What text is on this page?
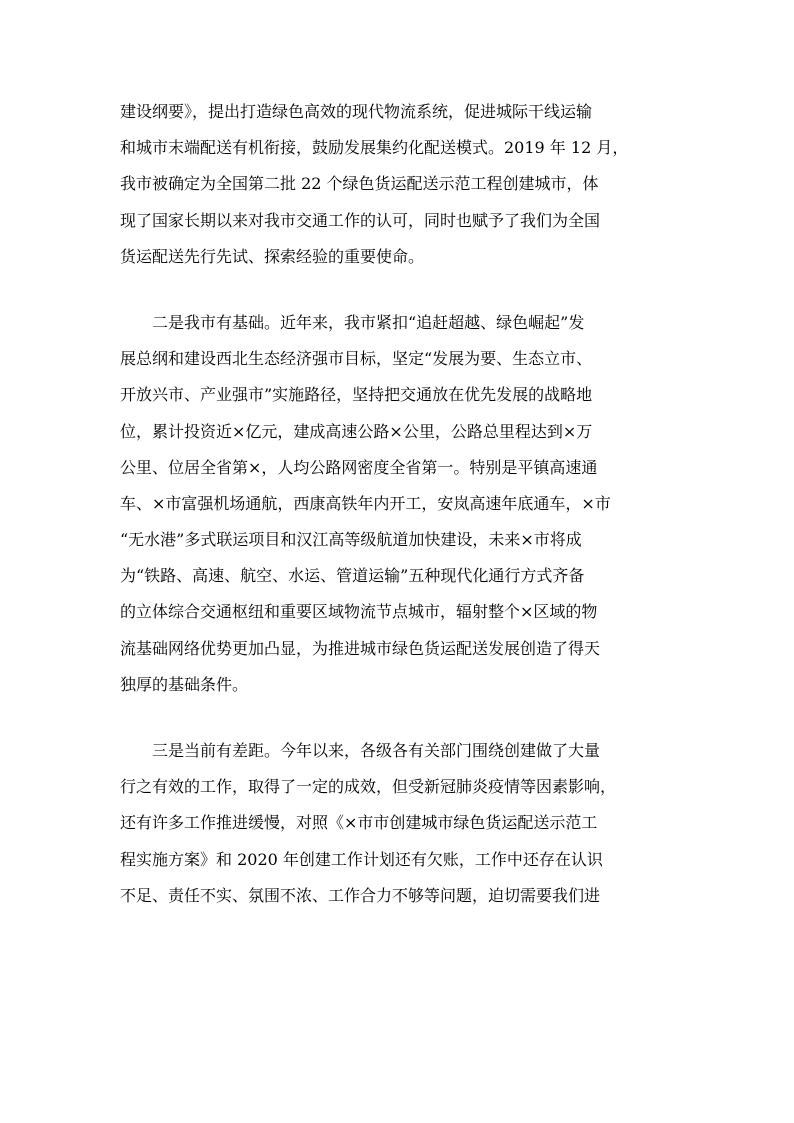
建设纲要》，提出打造绿色高效的现代物流系统，促进城际干线运输
和城市末端配送有机衔接，鼓励发展集约化配送模式。2019 年 12 月，
我市被确定为全国第二批 22 个绿色货运配送示范工程创建城市，体
现了国家长期以来对我市交通工作的认可，同时也赋予了我们为全国
货运配送先行先试、探索经验的重要使命。
　　二是我市有基础。近年来，我市紧扣“追赶超越、绿色崛起”发
展总纲和建设西北生态经济强市目标，坚定“发展为要、生态立市、
开放兴市、产业强市”实施路径，坚持把交通放在优先发展的战略地
位，累计投资近×亿元，建成高速公路×公里，公路总里程达到×万
公里、位居全省第×，人均公路网密度全省第一。特别是平镇高速通
车、×市富强机场通航，西康高铁年内开工，安岚高速年底通车，×市
“无水港”多式联运项目和汉江高等级航道加快建设，未来×市将成
为“铁路、高速、航空、水运、管道运输”五种现代化通行方式齐备
的立体综合交通枢纽和重要区域物流节点城市，辐射整个×区域的物
流基础网络优势更加凸显，为推进城市绿色货运配送发展创造了得天
独厚的基础条件。
　　三是当前有差距。今年以来，各级各有关部门围绕创建做了大量
行之有效的工作，取得了一定的成效，但受新冠肺炎疫情等因素影响，
还有许多工作推进缓慢，对照《×市市创建城市绿色货运配送示范工
程实施方案》和 2020 年创建工作计划还有欠账，工作中还存在认识
不足、责任不实、氛围不浓、工作合力不够等问题，迫切需要我们进
